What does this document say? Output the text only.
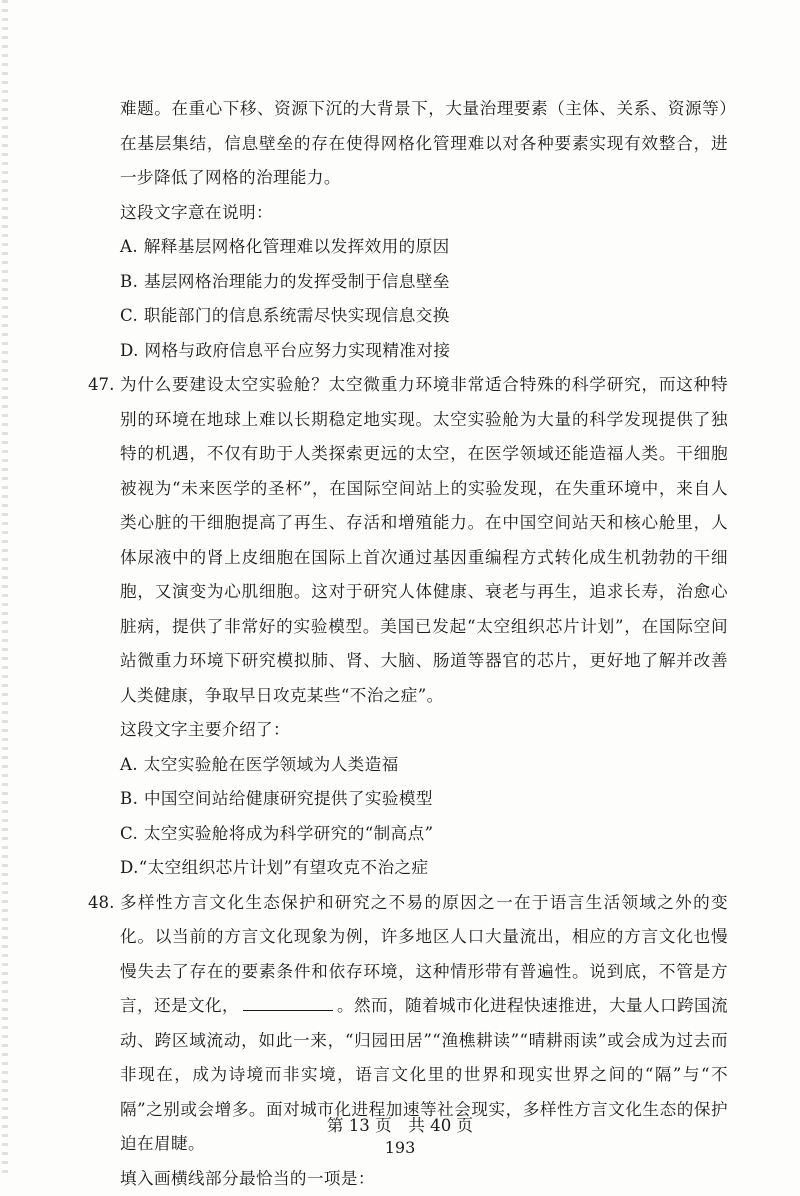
难题。在重心下移、资源下沉的大背景下，大量治理要素（主体、关系、资源等）在基层集结，信息壁垒的存在使得网格化管理难以对各种要素实现有效整合，进一步降低了网格的治理能力。

这段文字意在说明：

A. 解释基层网格化管理难以发挥效用的原因

B. 基层网格治理能力的发挥受制于信息壁垒

C. 职能部门的信息系统需尽快实现信息交换

D. 网格与政府信息平台应努力实现精准对接

47. 为什么要建设太空实验舱？太空微重力环境非常适合特殊的科学研究，而这种特别的环境在地球上难以长期稳定地实现。太空实验舱为大量的科学发现提供了独特的机遇，不仅有助于人类探索更远的太空，在医学领域还能造福人类。干细胞被视为“未来医学的圣杯”，在国际空间站上的实验发现，在失重环境中，来自人类心脏的干细胞提高了再生、存活和增殖能力。在中国空间站天和核心舱里，人体尿液中的肾上皮细胞在国际上首次通过基因重编程方式转化成生机勃勃的干细胞，又演变为心肌细胞。这对于研究人体健康、衰老与再生，追求长寿，治愈心脏病，提供了非常好的实验模型。美国已发起“太空组织芯片计划”，在国际空间站微重力环境下研究模拟肺、肾、大脑、肠道等器官的芯片，更好地了解并改善人类健康，争取早日攻克某些“不治之症”。

这段文字主要介绍了：

A. 太空实验舱在医学领域为人类造福

B. 中国空间站给健康研究提供了实验模型

C. 太空实验舱将成为科学研究的“制高点”

D.“太空组织芯片计划”有望攻克不治之症

48. 多样性方言文化生态保护和研究之不易的原因之一在于语言生活领域之外的变化。以当前的方言文化现象为例，许多地区人口大量流出，相应的方言文化也慢慢失去了存在的要素条件和依存环境，这种情形带有普遍性。说到底，不管是方言，还是文化，	。然而，随着城市化进程快速推进，大量人口跨国流动、跨区域流动，如此一来，“归园田居”“渔樵耕读”“晴耕雨读”或会成为过去而非现在，成为诗境而非实境，语言文化里的世界和现实世界之间的“隔”与“不隔”之别或会增多。面对城市化进程加速等社会现实，多样性方言文化生态的保护迫在眉睫。

填入画横线部分最恰当的一项是：

第 13 页　共 40 页
193
